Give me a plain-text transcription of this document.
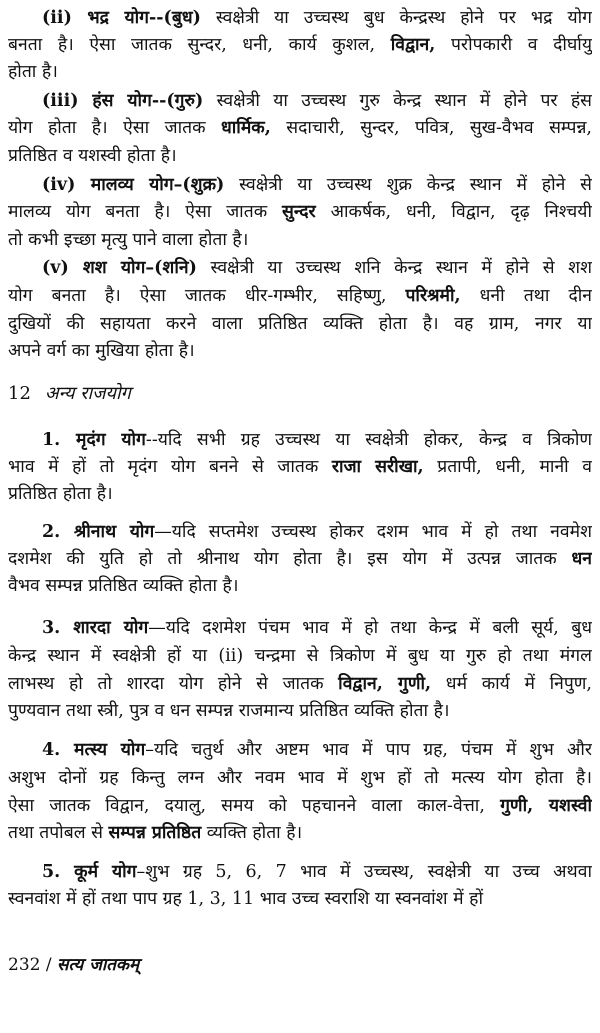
12 अन्य राजयोग
232 / सत्य जातकम्
(ii) भद्र योग--(बुध) स्वक्षेत्री या उच्चस्थ बुध केन्द्रस्थ होने पर भद्र योग
बनता है। ऐसा जातक सुन्दर, धनी, कार्य कुशल, विद्वान, परोपकारी व दीर्घायु
होता है।
(iii) हंस योग--(गुरु) स्वक्षेत्री या उच्चस्थ गुरु केन्द्र स्थान में होने पर हंस
योग होता है। ऐसा जातक धार्मिक, सदाचारी, सुन्दर, पवित्र, सुख-वैभव सम्पन्न,
प्रतिष्ठित व यशस्वी होता है।
(iv) मालव्य योग–(शुक्र) स्वक्षेत्री या उच्चस्थ शुक्र केन्द्र स्थान में होने से
मालव्य योग बनता है। ऐसा जातक सुन्दर आकर्षक, धनी, विद्वान, दृढ़ निश्चयी
तो कभी इच्छा मृत्यु पाने वाला होता है।
(v) शश योग–(शनि) स्वक्षेत्री या उच्चस्थ शनि केन्द्र स्थान में होने से शश
योग बनता है। ऐसा जातक धीर-गम्भीर, सहिष्णु, परिश्रमी, धनी तथा दीन
दुखियों की सहायता करने वाला प्रतिष्ठित व्यक्ति होता है। वह ग्राम, नगर या
अपने वर्ग का मुखिया होता है।
1. मृदंग योग--यदि सभी ग्रह उच्चस्थ या स्वक्षेत्री होकर, केन्द्र व त्रिकोण
भाव में हों तो मृदंग योग बनने से जातक राजा सरीखा, प्रतापी, धनी, मानी व
प्रतिष्ठित होता है।
2. श्रीनाथ योग—यदि सप्तमेश उच्चस्थ होकर दशम भाव में हो तथा नवमेश
दशमेश की युति हो तो श्रीनाथ योग होता है। इस योग में उत्पन्न जातक धन
वैभव सम्पन्न प्रतिष्ठित व्यक्ति होता है।
3. शारदा योग—यदि दशमेश पंचम भाव में हो तथा केन्द्र में बली सूर्य, बुध
केन्द्र स्थान में स्वक्षेत्री हों या (ii) चन्द्रमा से त्रिकोण में बुध या गुरु हो तथा मंगल
लाभस्थ हो तो शारदा योग होने से जातक विद्वान, गुणी, धर्म कार्य में निपुण,
पुण्यवान तथा स्त्री, पुत्र व धन सम्पन्न राजमान्य प्रतिष्ठित व्यक्ति होता है।
4. मत्स्य योग–यदि चतुर्थ और अष्टम भाव में पाप ग्रह, पंचम में शुभ और
अशुभ दोनों ग्रह किन्तु लग्न और नवम भाव में शुभ हों तो मत्स्य योग होता है।
ऐसा जातक विद्वान, दयालु, समय को पहचानने वाला काल-वेत्ता, गुणी, यशस्वी
तथा तपोबल से सम्पन्न प्रतिष्ठित व्यक्ति होता है।
5. कूर्म योग–शुभ ग्रह 5, 6, 7 भाव में उच्चस्थ, स्वक्षेत्री या उच्च अथवा
स्वनवांश में हों तथा पाप ग्रह 1, 3, 11 भाव उच्च स्वराशि या स्वनवांश में हों
